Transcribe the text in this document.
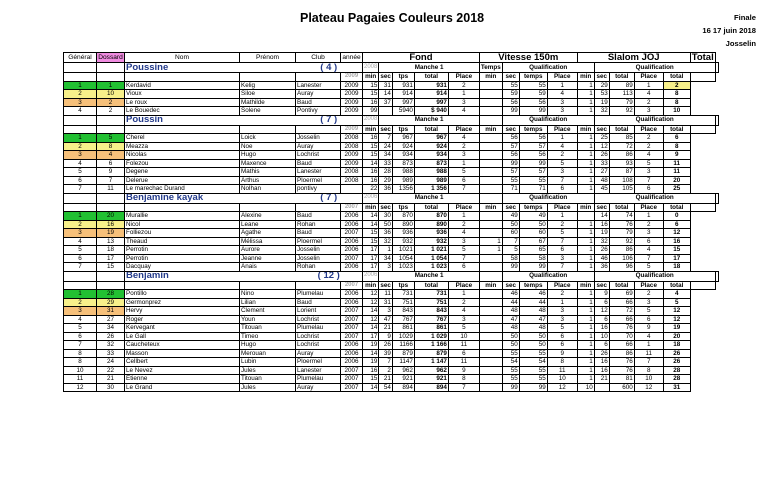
Plateau Pagaies Couleurs 2018	Finale
16 17 juin 2018
Josselin
Général	Dossard	Nom	Prénom	Club	année	Fond					Vitesse 150m				Slalom JOJ					Total	
		Poussine		( 4 )		2008	Manche 1				Temps	Qualification				Qualification					
					2009	min	sec	tps	total	Place	min	sec	temps	Place	min	sec	total	Place	total		
1	1	Kerdavid	Kelig	Lanester	2009	15	31	931	931	2		55	55	1	1	29	89	1	2		
2	10	Vioux	Siloe	Auray	2009	15	14	914	914	1		59	59	4	1	53	113	4	8		
3	2	Le roux	Mathilde	Baud	2009	16	37	997	997	3		56	56	3	1	19	79	2	8		
4	2	Le Bouedec	Solene	Pontivy	2009	99		5940	$ 940	4		99	99	3	1	32	92	3	10		
		Poussin		( 7 )		2008	Manche 1					Qualification				Qualification					
					2009	min	sec	tps	total	Place	min	sec	temps	Place	min	sec	total	Place	total		
1	5	Cherel	Loick	Josselin	2008	16	7	967	967	4		56	56	1	1	25	85	2	6		
2	8	Meazza	Noe	Auray	2008	15	24	924	924	2		57	57	4	1	12	72	2	8		
3	4	Nicolas	Hugo	Lochrist	2009	15	34	934	934	3		56	56	2	1	26	86	4	9		
4	6	Folezou	Maxence	Baud	2009	14	33	873	873	1		99	99	5	1	33	93	5	11		
5	9	Degene	Mathis	Lanester	2008	16	28	988	988	5		57	57	3	1	27	87	3	11		
6	7	Delerue	Arthus	Ploermel	2008	16	29	989	989	6		55	55	7	1	48	108	7	20		
7	11	Le marechac Durand	Nolhan	pontivy		22	36	1356	1 356	7		71	71	6	1	45	105	6	25		
		Benjamine kayak		( 7 )		2006	Manche 1					Qualification				Qualification					
					2007	min	sec	tps	total	Place	min	sec	temps	Place	min	sec	total	Place	total		
1	20	Murallie	Alexine	Baud	2006	14	30	870	870	1		49	49	1		14	74	1	0		
2	16	Nicol	Leane	Rohan	2006	14	50	890	890	2		50	50	2	1	16	76	2	6		
3	19	Folliezou	Agathe	Baud	2007	15	36	936	936	4		60	60	5	1	19	79	3	12		
4	13	Theaud	Mélissa	Ploermel	2006	15	32	932	932	3	1	7	67	7	1	32	92	6	16		
5	18	Perrotin	Aurore	Josselin	2006	17	1	1021	1 021	5	1	5	65	6	1	26	86	4	15		
6	17	Perrotin	Jeanne	Josselin	2007	17	34	1054	1 054	7		58	58	3	1	46	106	7	17		
7	15	Dacquay	Anais	Rohan	2006	17	3	1023	1 023	6		99	99	7	1	36	96	5	18		
		Benjamin		( 12 )		2006	Manche 1					Qualification				Qualification					
					2007	min	sec	tps	total	Place	min	sec	temps	Place	min	sec	total	Place	total		
1	28	Pontillo	Nino	Plumelau	2006	12	11	731	731	1		46	46	2	1	9	69	2	4		
2	29	Germonprez	Lilian	Baud	2006	12	31	751	751	2		44	44	1	1	6	66	3	5		
3	31	Hervy	Clement	Lorient	2007	14	3	843	843	4		48	48	3	1	12	72	5	12		
4	27	Roger	Youn	Lochrist	2007	12	47	767	767	3		47	47	3	1	6	66	6	12		
5	34	Kervegant	Titouan	Plumelau	2007	14	21	861	861	5		48	48	5	1	16	76	9	19		
6	26	Le Gall	Timeo	Lochrist	2007	17	9	1029	1 029	10		50	50	6	1	10	70	4	20		
7	32	Caucheteux	Hugo	Lochrist	2006	19	26	1166	1 166	11		50	50	6	1	6	66	1	18		
8	33	Masson	Merouan	Auray	2006	14	39	879	879	6		55	55	9	1	26	86	11	26		
8	24	Cellbert	Lubin	Ploermel	2006	19	7	1147	1 147	11		54	54	8	1	16	76	7	26		
10	22	Le Nevez	Jules	Lanester	2007	16	2	962	962	9		55	55	11	1	16	76	8	28		
11	21	Etienne	Titouan	Plumelau	2007	15	21	921	921	8		55	55	10	1	21	81	10	28		
12	30	Le Grand	Jules	Auray	2007	14	54	894	894	7		99	99	12	10		600	12	31		
